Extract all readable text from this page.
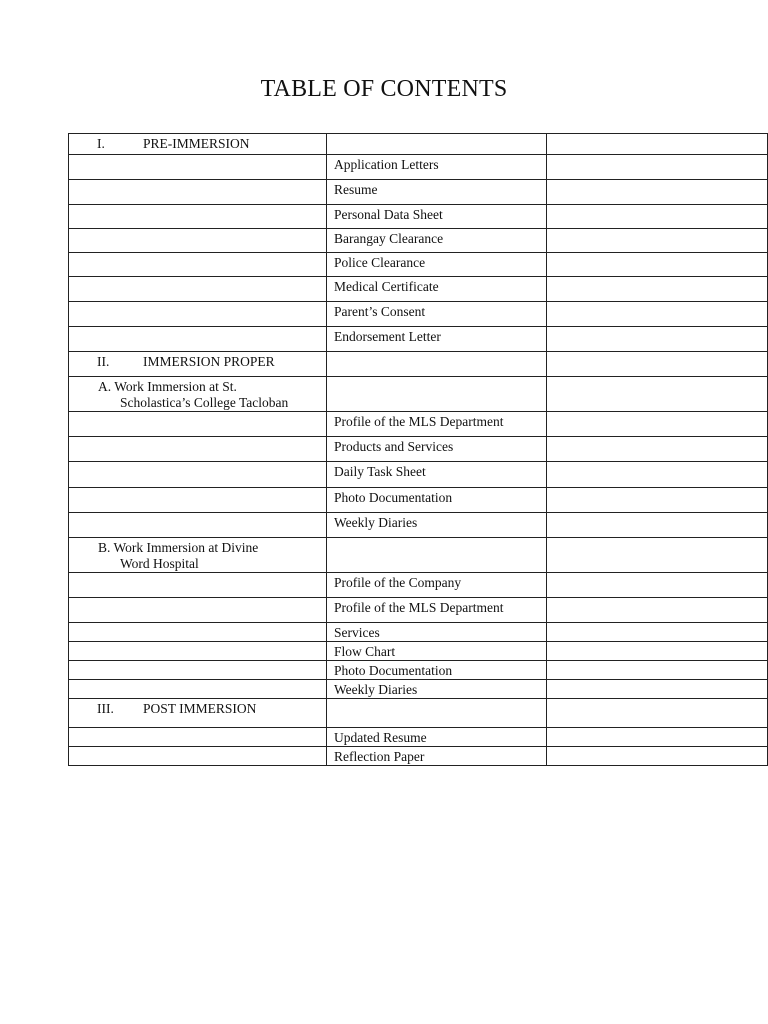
TABLE OF CONTENTS
I. PRE-IMMERSION		
	Application Letters	
	Resume	
	Personal Data Sheet	
	Barangay Clearance	
	Police Clearance	
	Medical Certificate	
	Parent’s Consent	
	Endorsement Letter	
II. IMMERSION PROPER		

A. Work Immersion at St.
Scholastica’s College Tacloban		

	Profile of the MLS Department	
	Products and Services	
	Daily Task Sheet	
	Photo Documentation	
	Weekly Diaries	

B. Work Immersion at Divine
Word Hospital		

	Profile of the Company	
	Profile of the MLS Department	
	Services	
	Flow Chart	
	Photo Documentation	
	Weekly Diaries	
III. POST IMMERSION		
	Updated Resume	
	Reflection Paper	
